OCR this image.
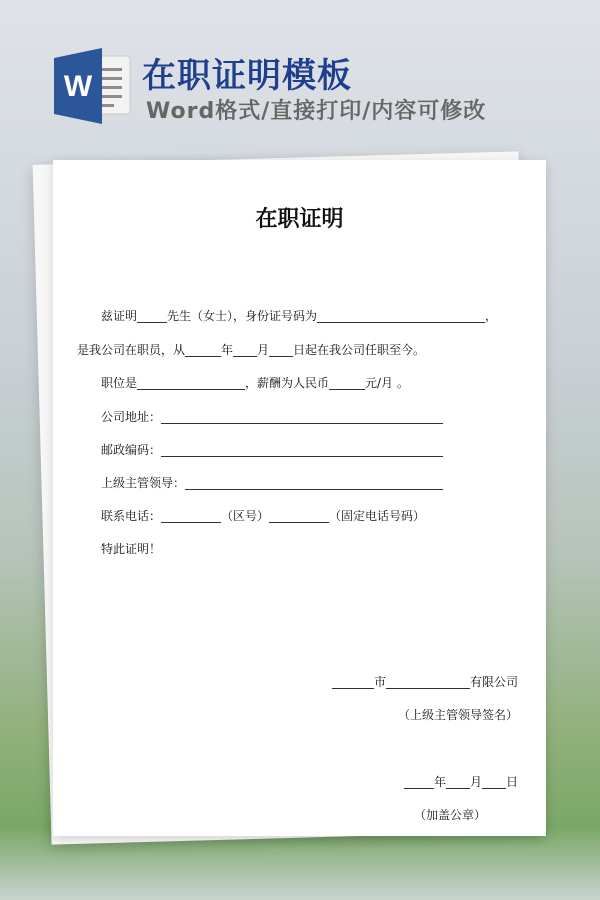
W 在职证明模板
Word格式/直接打印/内容可修改
在职证明
兹证明_____先生（女士），身份证号码为____________________________，
是我公司在职员，从______年____月____日起在我公司任职至今。
职位是__________________，薪酬为人民币______元/月 。
公司地址：_______________________________________________
邮政编码：_______________________________________________
上级主管领导：___________________________________________
联系电话：__________（区号）__________（固定电话号码）
特此证明！
_______市______________有限公司
（上级主管领导签名）
_____年____月____日
（加盖公章）
